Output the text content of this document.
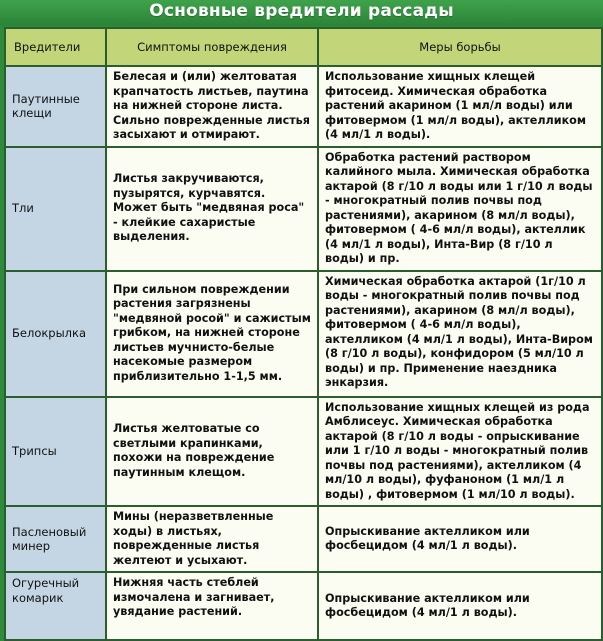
Основные вредители рассады
Вредители	Симптомы повреждения	Меры борьбы
Паутинные клещи	Белесая и (или) желтоватая крапчатость листьев, паутина на нижней стороне листа. Сильно поврежденные листья засыхают и отмирают.	Использование хищных клещей фитосеид. Химическая обработка растений акарином (1 мл/л воды) или фитовермом (1 мл/л воды), актелликом (4 мл/1 л воды).
Тли	Листья закручиваются, пузырятся, курчавятся. Может быть "медвяная роса" - клейкие сахаристые выделения.	Обработка растений раствором калийного мыла. Химическая обработка актарой (8 г/10 л воды или 1 г/10 л воды - многократный полив почвы под растениями), акарином (8 мл/л воды), фитовермом ( 4-6 мл/л воды), актеллик (4 мл/1 л воды), Инта-Вир (8 г/10 л воды) и пр.
Белокрылка	При сильном повреждении растения загрязнены "медвяной росой" и сажистым грибком, на нижней стороне листьев мучнисто-белые насекомые размером приблизительно 1-1,5 мм.	Химическая обработка актарой (1г/10 л воды - многократный полив почвы под растениями), акарином (8 мл/л воды), фитовермом ( 4-6 мл/л воды), актелликом (4 мл/1 л воды), Инта-Виром (8 г/10 л воды), конфидором (5 мл/10 л воды) и пр. Применение наездника энкарзия.
Трипсы	Листья желтоватые со светлыми крапинками, похожи на повреждение паутинным клещом.	Использование хищных клещей из рода Амблисеус. Химическая обработка актарой (8 г/10 л воды - опрыскивание или 1 г/10 л воды - многократный полив почвы под растениями), актелликом (4 мл/10 л воды), фуфаноном (1 мл/1 л воды) , фитовермом (1 мл/10 л воды).
Пасленовый минер	Мины (неразветвленные ходы) в листьях, поврежденные листья желтеют и усыхают.	Опрыскивание актелликом или фосбецидом (4 мл/1 л воды).
Огуречный комарик	Нижняя часть стеблей измочалена и загнивает, увядание растений.	Опрыскивание актелликом или фосбецидом (4 мл/1 л воды).
